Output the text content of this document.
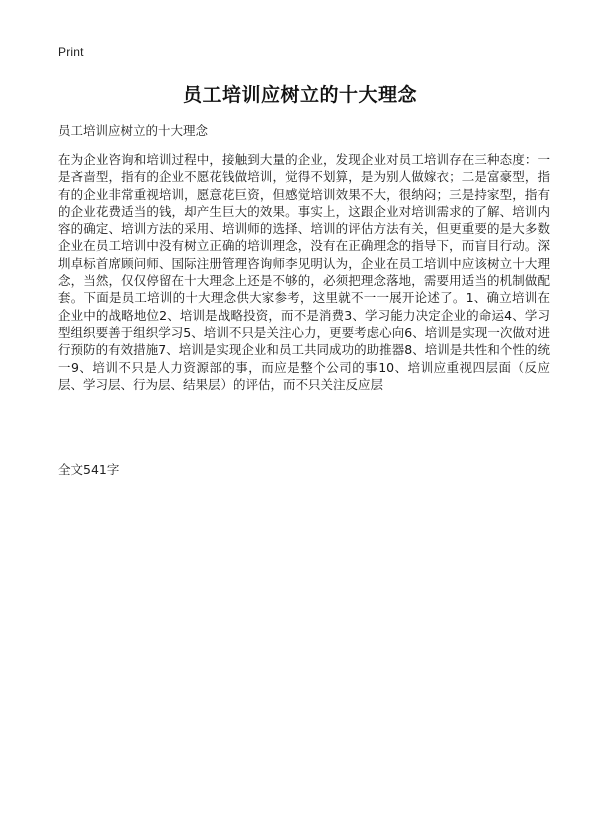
Print
员工培训应树立的十大理念
员工培训应树立的十大理念

在为企业咨询和培训过程中，接触到大量的企业，发现企业对员工培训存在三种态度：一是吝啬型，指有的企业不愿花钱做培训，觉得不划算，是为别人做嫁衣；二是富豪型，指有的企业非常重视培训，愿意花巨资，但感觉培训效果不大，很纳闷；三是持家型，指有的企业花费适当的钱，却产生巨大的效果。事实上，这跟企业对培训需求的了解、培训内容的确定、培训方法的采用、培训师的选择、培训的评估方法有关，但更重要的是大多数企业在员工培训中没有树立正确的培训理念，没有在正确理念的指导下，而盲目行动。深圳卓标首席顾问师、国际注册管理咨询师李见明认为，企业在员工培训中应该树立十大理念，当然，仅仅停留在十大理念上还是不够的，必须把理念落地，需要用适当的机制做配套。下面是员工培训的十大理念供大家参考，这里就不一一展开论述了。1、确立培训在企业中的战略地位2、培训是战略投资，而不是消费3、学习能力决定企业的命运4、学习型组织要善于组织学习5、培训不只是关注心力，更要考虑心向6、培训是实现一次做对进行预防的有效措施7、培训是实现企业和员工共同成功的助推器8、培训是共性和个性的统一9、培训不只是人力资源部的事，而应是整个公司的事10、培训应重视四层面（反应层、学习层、行为层、结果层）的评估，而不只关注反应层

全文541字
